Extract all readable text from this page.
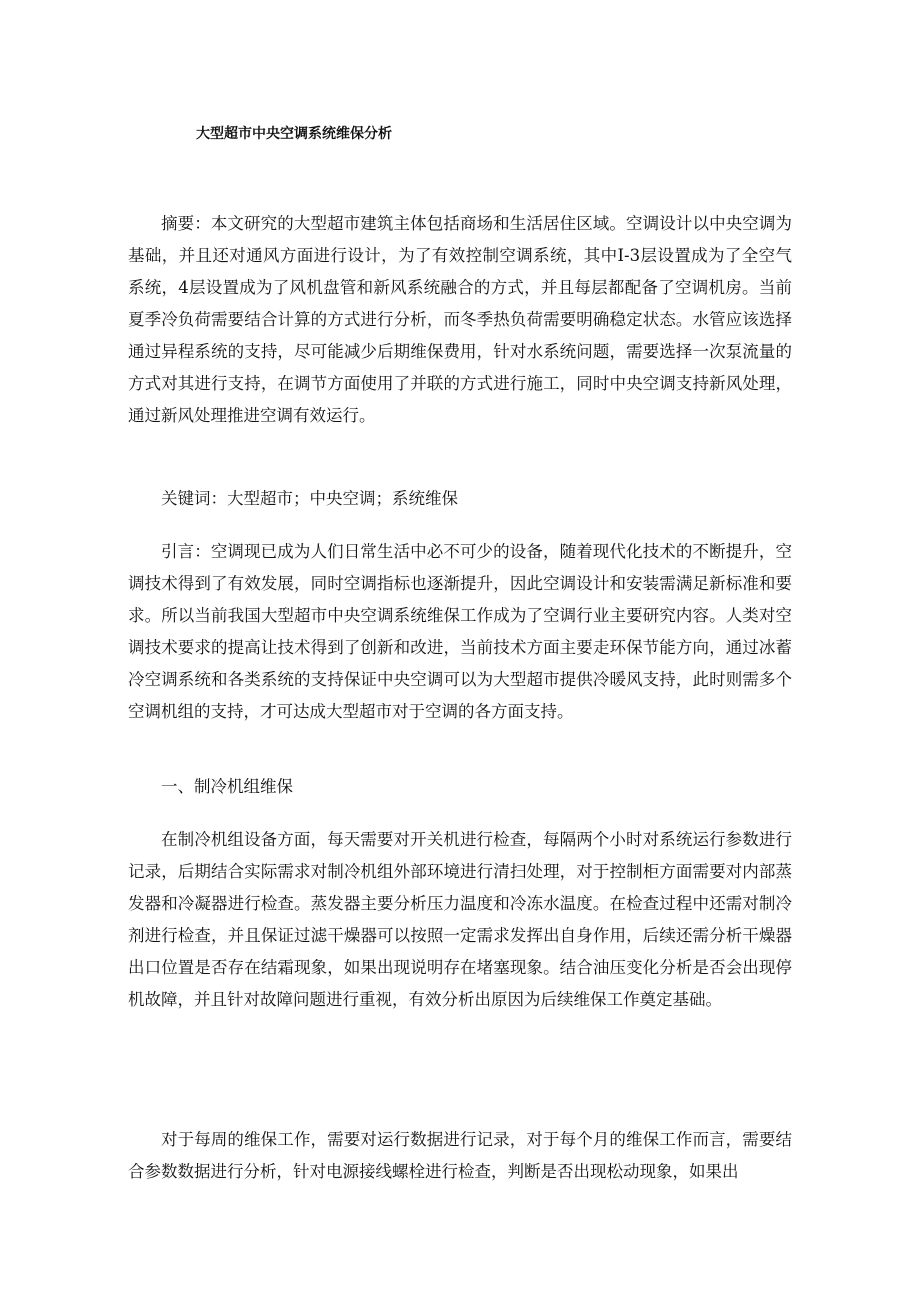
大型超市中央空调系统维保分析

摘要：本文研究的大型超市建筑主体包括商场和生活居住区域。空调设计以中央空调为基础，并且还对通风方面进行设计，为了有效控制空调系统，其中I-3层设置成为了全空气系统，4层设置成为了风机盘管和新风系统融合的方式，并且每层都配备了空调机房。当前夏季冷负荷需要结合计算的方式进行分析，而冬季热负荷需要明确稳定状态。水管应该选择通过异程系统的支持，尽可能减少后期维保费用，针对水系统问题，需要选择一次泵流量的方式对其进行支持，在调节方面使用了并联的方式进行施工，同时中央空调支持新风处理，通过新风处理推进空调有效运行。

关键词：大型超市；中央空调；系统维保

引言：空调现已成为人们日常生活中必不可少的设备，随着现代化技术的不断提升，空调技术得到了有效发展，同时空调指标也逐渐提升，因此空调设计和安装需满足新标准和要求。所以当前我国大型超市中央空调系统维保工作成为了空调行业主要研究内容。人类对空调技术要求的提高让技术得到了创新和改进，当前技术方面主要走环保节能方向，通过冰蓄冷空调系统和各类系统的支持保证中央空调可以为大型超市提供冷暖风支持，此时则需多个空调机组的支持，才可达成大型超市对于空调的各方面支持。

一、制冷机组维保

在制冷机组设备方面，每天需要对开关机进行检查，每隔两个小时对系统运行参数进行记录，后期结合实际需求对制冷机组外部环境进行清扫处理，对于控制柜方面需要对内部蒸发器和冷凝器进行检查。蒸发器主要分析压力温度和冷冻水温度。在检查过程中还需对制冷剂进行检查，并且保证过滤干燥器可以按照一定需求发挥出自身作用，后续还需分析干燥器出口位置是否存在结霜现象，如果出现说明存在堵塞现象。结合油压变化分析是否会出现停机故障，并且针对故障问题进行重视，有效分析出原因为后续维保工作奠定基础。

对于每周的维保工作，需要对运行数据进行记录，对于每个月的维保工作而言，需要结合参数数据进行分析，针对电源接线螺栓进行检查，判断是否出现松动现象，如果出
